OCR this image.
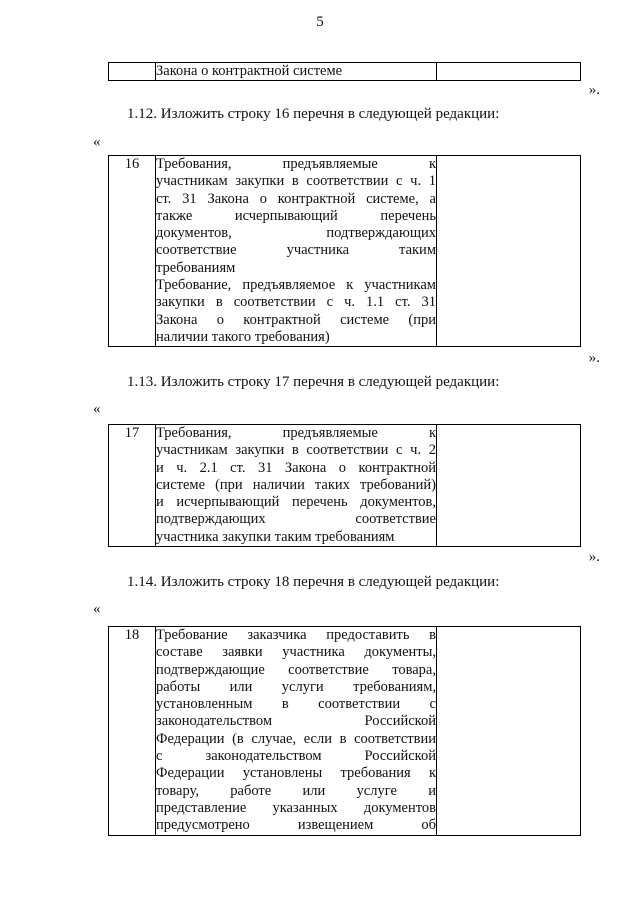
5

Закона о контрактной системе

».
1.12. Изложить строку 16 перечня в следующей редакции:
«
16	Требования, предъявляемые к
участникам закупки в соответствии с ч. 1
ст. 31 Закона о контрактной системе, а
также исчерпывающий перечень
документов, подтверждающих
соответствие участника таким
требованиям
Требование, предъявляемое к участникам
закупки в соответствии с ч. 1.1 ст. 31
Закона о контрактной системе (при
наличии такого требования)

».
1.13. Изложить строку 17 перечня в следующей редакции:
«
17	Требования, предъявляемые к
участникам закупки в соответствии с ч. 2
и ч. 2.1 ст. 31 Закона о контрактной
системе (при наличии таких требований)
и исчерпывающий перечень документов,
подтверждающих соответствие
участника закупки таким требованиям

».
1.14. Изложить строку 18 перечня в следующей редакции:
«
18	Требование заказчика предоставить в
составе заявки участника документы,
подтверждающие соответствие товара,
работы или услуги требованиям,
установленным в соответствии с
законодательством Российской
Федерации (в случае, если в соответствии
с законодательством Российской
Федерации установлены требования к
товару, работе или услуге и
представление указанных документов
предусмотрено извещением об
